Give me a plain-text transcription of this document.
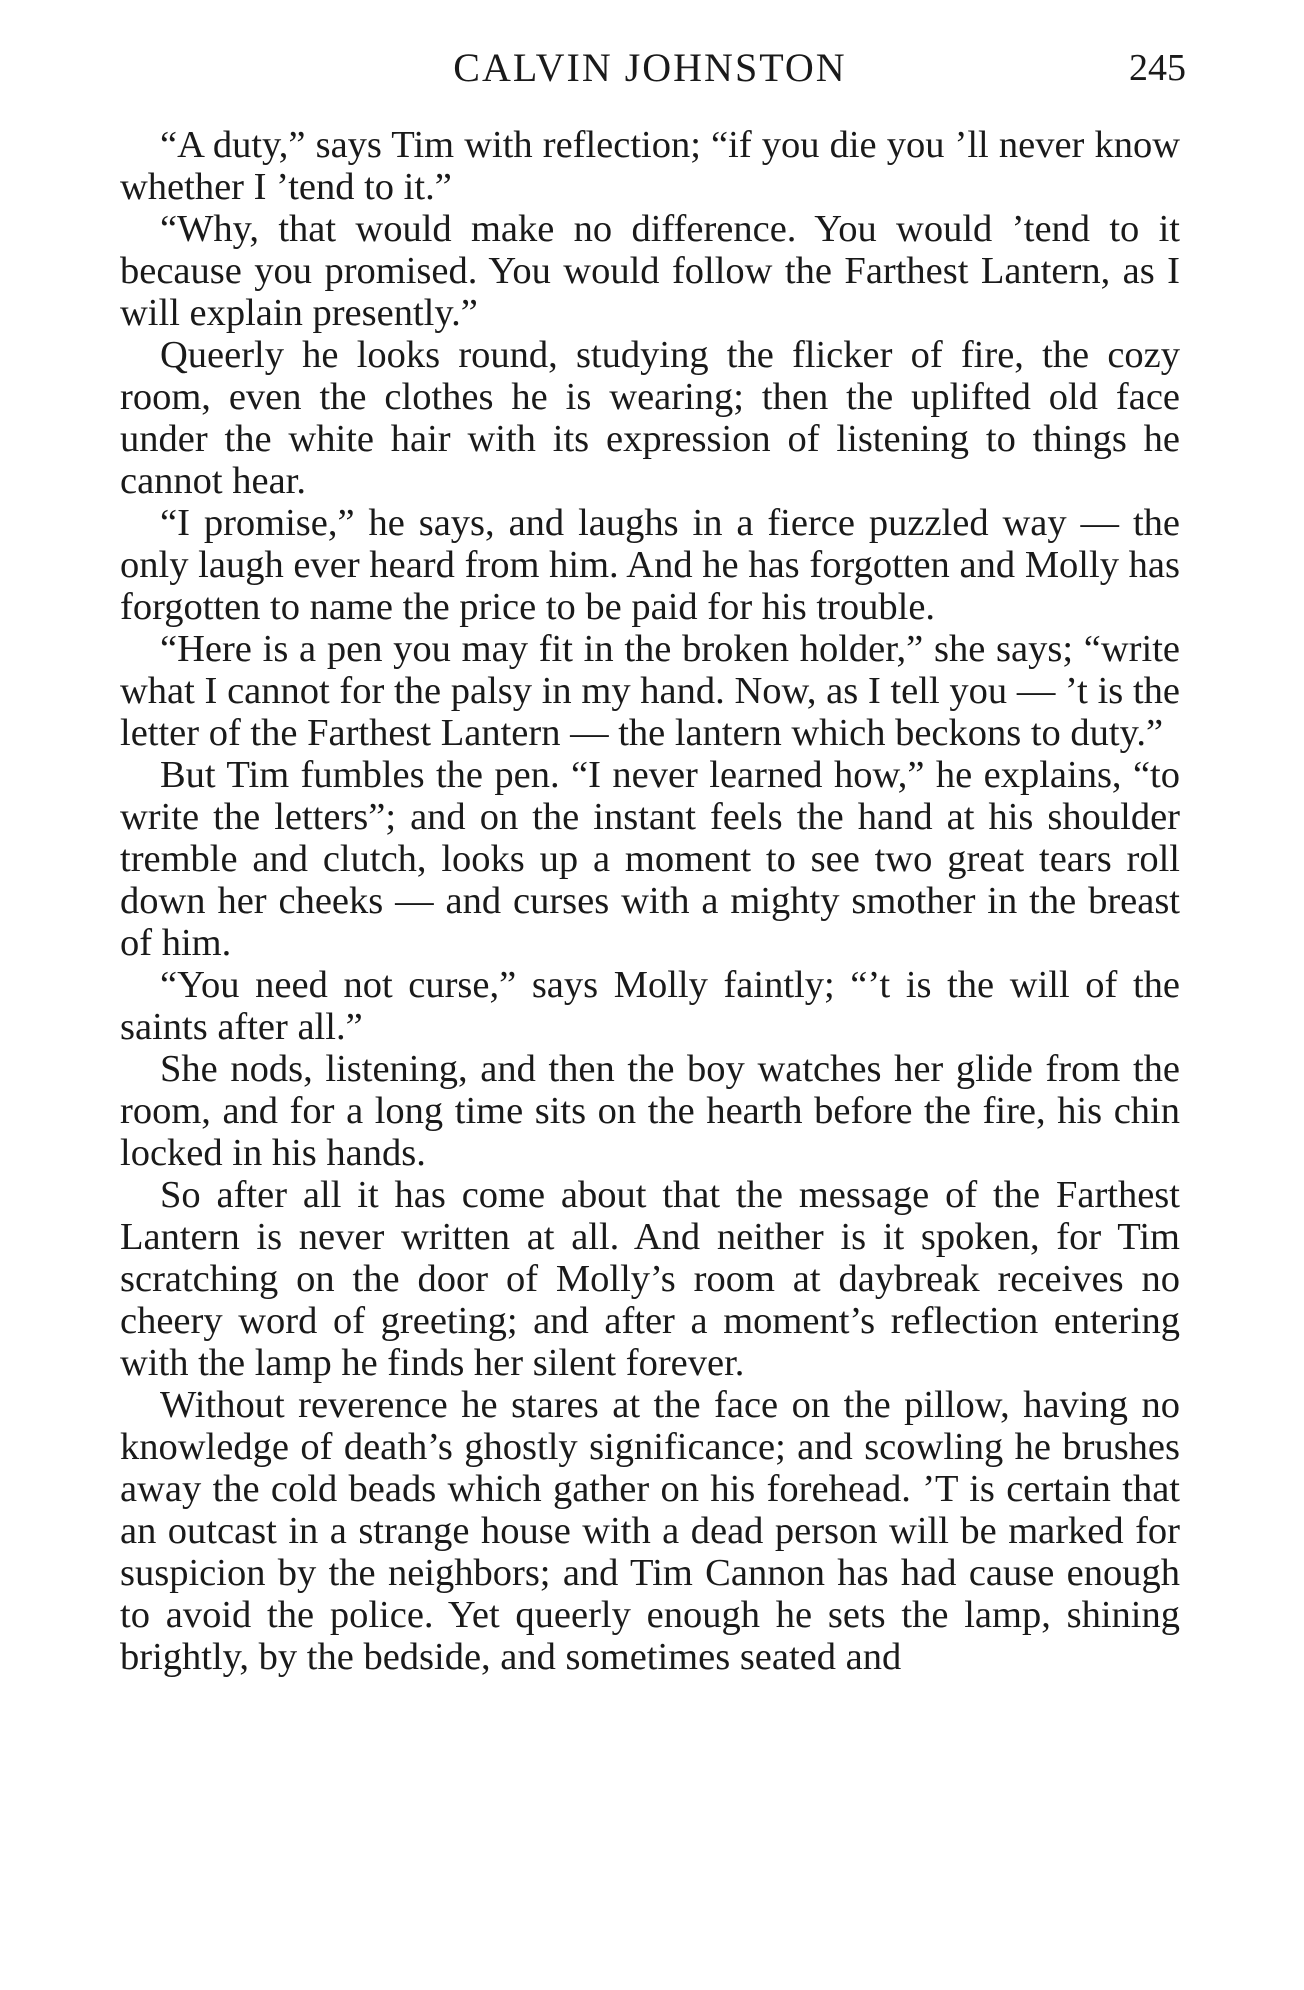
CALVIN JOHNSTON	245

“A duty,” says Tim with reflection; “if you die you ’ll never know whether I ’tend to it.”

“Why, that would make no difference. You would ’tend to it because you promised. You would follow the Farthest Lantern, as I will explain presently.”

Queerly he looks round, studying the flicker of fire, the cozy room, even the clothes he is wearing; then the uplifted old face under the white hair with its expression of listening to things he cannot hear.

“I promise,” he says, and laughs in a fierce puzzled way — the only laugh ever heard from him. And he has forgotten and Molly has forgotten to name the price to be paid for his trouble.

“Here is a pen you may fit in the broken holder,” she says; “write what I cannot for the palsy in my hand. Now, as I tell you — ’t is the letter of the Farthest Lantern — the lantern which beckons to duty.”

But Tim fumbles the pen. “I never learned how,” he explains, “to write the letters”; and on the instant feels the hand at his shoulder tremble and clutch, looks up a moment to see two great tears roll down her cheeks — and curses with a mighty smother in the breast of him.

“You need not curse,” says Molly faintly; “’t is the will of the saints after all.”

She nods, listening, and then the boy watches her glide from the room, and for a long time sits on the hearth before the fire, his chin locked in his hands.

So after all it has come about that the message of the Farthest Lantern is never written at all. And neither is it spoken, for Tim scratching on the door of Molly’s room at daybreak receives no cheery word of greeting; and after a moment’s reflection entering with the lamp he finds her silent forever.

Without reverence he stares at the face on the pillow, having no knowledge of death’s ghostly significance; and scowling he brushes away the cold beads which gather on his forehead. ’T is certain that an outcast in a strange house with a dead person will be marked for suspicion by the neighbors; and Tim Cannon has had cause enough to avoid the police. Yet queerly enough he sets the lamp, shining brightly, by the bedside, and sometimes seated and
